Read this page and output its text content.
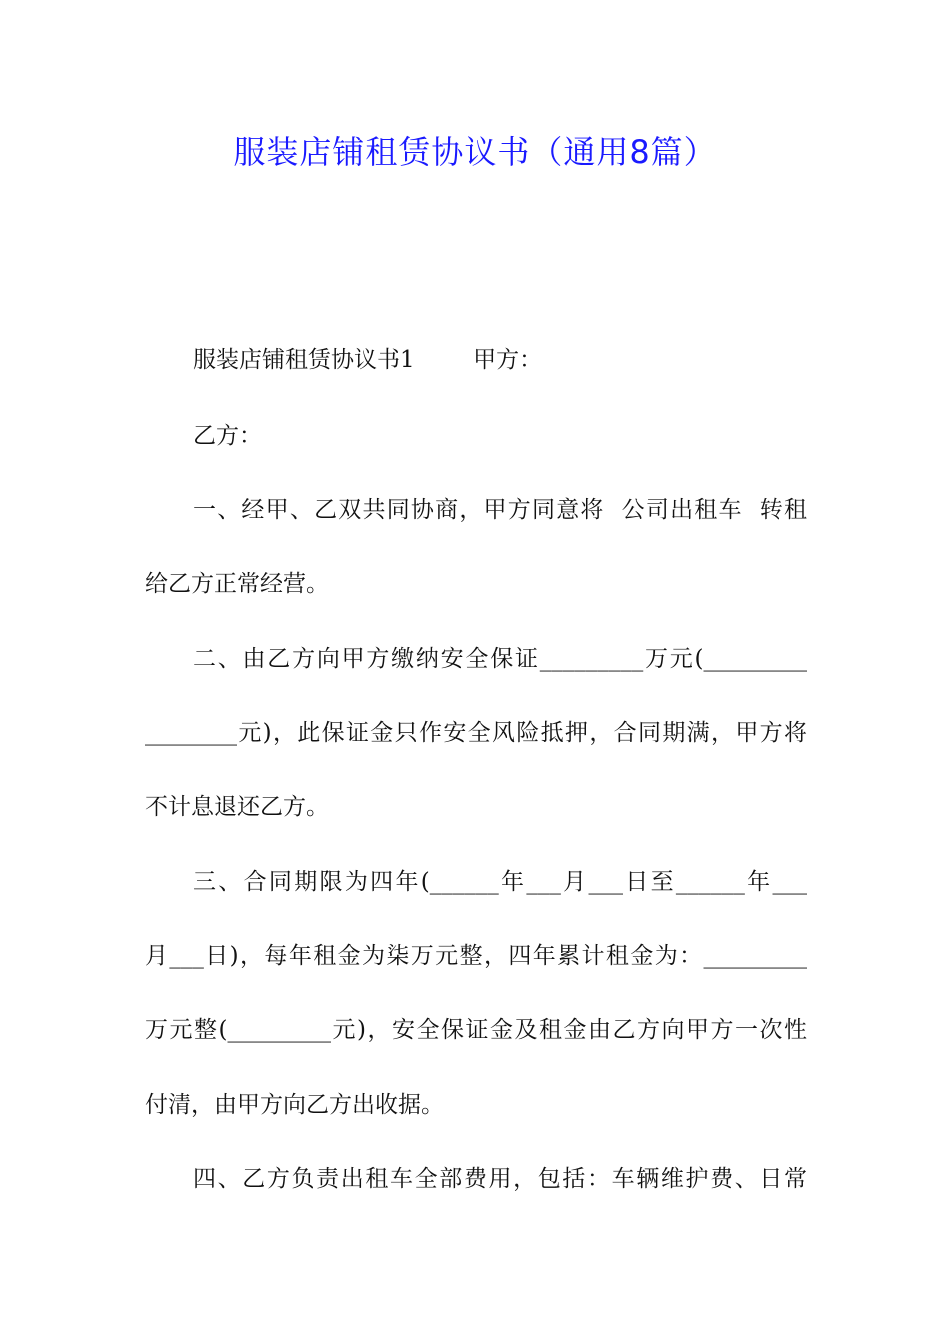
服装店铺租赁协议书（通用8篇）
服装店铺租赁协议书1        甲方：
乙方：
一、经甲、乙双共同协商，甲方同意将  公司出租车  转租
给乙方正常经营。
二、由乙方向甲方缴纳安全保证_________万元(_________
________元)，此保证金只作安全风险抵押，合同期满，甲方将
不计息退还乙方。
三、合同期限为四年(______年___月___日至______年___
月___日)，每年租金为柒万元整，四年累计租金为：_________
万元整(_________元)，安全保证金及租金由乙方向甲方一次性
付清，由甲方向乙方出收据。
四、乙方负责出租车全部费用，包括：车辆维护费、日常
